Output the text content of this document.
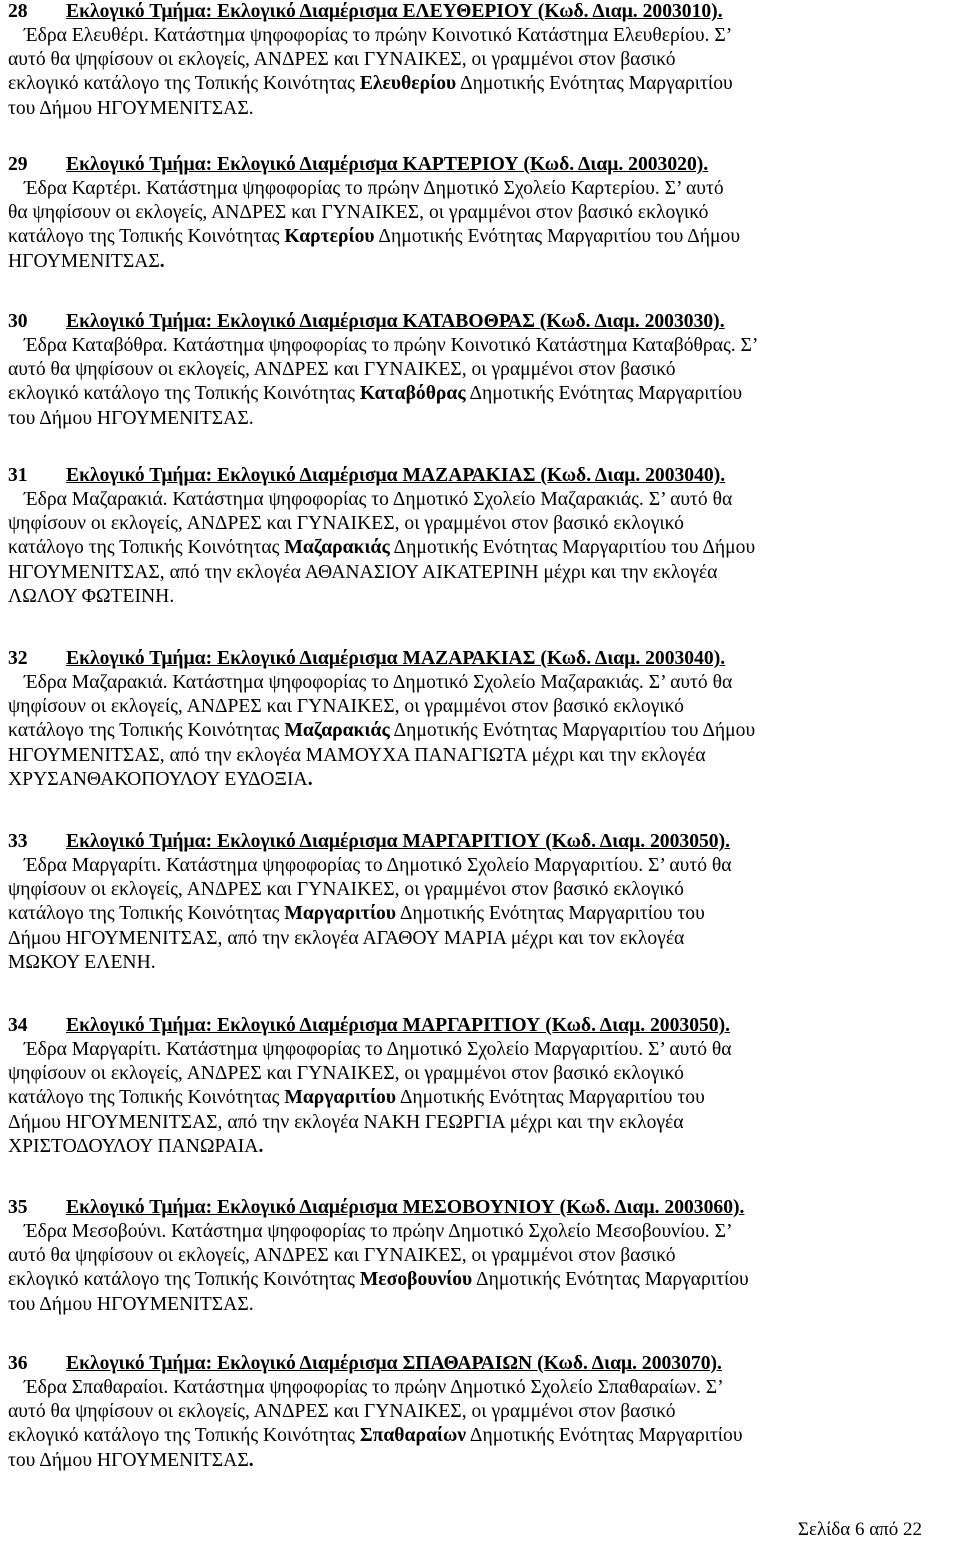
28 Εκλογικό Τμήμα: Εκλογικό Διαμέρισμα ΕΛΕΥΘΕΡΙΟΥ (Κωδ. Διαμ. 2003010).
Έδρα Ελευθέρι. Κατάστημα ψηφοφορίας το πρώην Κοινοτικό Κατάστημα Ελευθερίου. Σ’
αυτό θα ψηφίσουν οι εκλογείς, ΑΝΔΡΕΣ και ΓΥΝΑΙΚΕΣ, οι γραμμένοι στον βασικό
εκλογικό κατάλογο της Τοπικής Κοινότητας Ελευθερίου Δημοτικής Ενότητας Μαργαριτίου
του Δήμου ΗΓΟΥΜΕΝΙΤΣΑΣ.
29 Εκλογικό Τμήμα: Εκλογικό Διαμέρισμα ΚΑΡΤΕΡΙΟΥ (Κωδ. Διαμ. 2003020).
Έδρα Καρτέρι. Κατάστημα ψηφοφορίας το πρώην Δημοτικό Σχολείο Καρτερίου. Σ’ αυτό
θα ψηφίσουν οι εκλογείς, ΑΝΔΡΕΣ και ΓΥΝΑΙΚΕΣ, οι γραμμένοι στον βασικό εκλογικό
κατάλογο της Τοπικής Κοινότητας Καρτερίου Δημοτικής Ενότητας Μαργαριτίου του Δήμου
ΗΓΟΥΜΕΝΙΤΣΑΣ.
30 Εκλογικό Τμήμα: Εκλογικό Διαμέρισμα ΚΑΤΑΒΟΘΡΑΣ (Κωδ. Διαμ. 2003030).
Έδρα Καταβόθρα. Κατάστημα ψηφοφορίας το πρώην Κοινοτικό Κατάστημα Καταβόθρας. Σ’
αυτό θα ψηφίσουν οι εκλογείς, ΑΝΔΡΕΣ και ΓΥΝΑΙΚΕΣ, οι γραμμένοι στον βασικό
εκλογικό κατάλογο της Τοπικής Κοινότητας Καταβόθρας Δημοτικής Ενότητας Μαργαριτίου
του Δήμου ΗΓΟΥΜΕΝΙΤΣΑΣ.
31 Εκλογικό Τμήμα: Εκλογικό Διαμέρισμα ΜΑΖΑΡΑΚΙΑΣ (Κωδ. Διαμ. 2003040).
Έδρα Μαζαρακιά. Κατάστημα ψηφοφορίας το Δημοτικό Σχολείο Μαζαρακιάς. Σ’ αυτό θα
ψηφίσουν οι εκλογείς, ΑΝΔΡΕΣ και ΓΥΝΑΙΚΕΣ, οι γραμμένοι στον βασικό εκλογικό
κατάλογο της Τοπικής Κοινότητας Μαζαρακιάς Δημοτικής Ενότητας Μαργαριτίου του Δήμου
ΗΓΟΥΜΕΝΙΤΣΑΣ, από την εκλογέα ΑΘΑΝΑΣΙΟΥ ΑΙΚΑΤΕΡΙΝΗ μέχρι και την εκλογέα
ΛΩΛΟΥ ΦΩΤΕΙΝΗ.
32 Εκλογικό Τμήμα: Εκλογικό Διαμέρισμα ΜΑΖΑΡΑΚΙΑΣ (Κωδ. Διαμ. 2003040).
Έδρα Μαζαρακιά. Κατάστημα ψηφοφορίας το Δημοτικό Σχολείο Μαζαρακιάς. Σ’ αυτό θα
ψηφίσουν οι εκλογείς, ΑΝΔΡΕΣ και ΓΥΝΑΙΚΕΣ, οι γραμμένοι στον βασικό εκλογικό
κατάλογο της Τοπικής Κοινότητας Μαζαρακιάς Δημοτικής Ενότητας Μαργαριτίου του Δήμου
ΗΓΟΥΜΕΝΙΤΣΑΣ, από την εκλογέα ΜΑΜΟΥΧΑ ΠΑΝΑΓΙΩΤΑ μέχρι και την εκλογέα
ΧΡΥΣΑΝΘΑΚΟΠΟΥΛΟΥ ΕΥΔΟΞΙΑ.
33 Εκλογικό Τμήμα: Εκλογικό Διαμέρισμα ΜΑΡΓΑΡΙΤΙΟΥ (Κωδ. Διαμ. 2003050).
Έδρα Μαργαρίτι. Κατάστημα ψηφοφορίας το Δημοτικό Σχολείο Μαργαριτίου. Σ’ αυτό θα
ψηφίσουν οι εκλογείς, ΑΝΔΡΕΣ και ΓΥΝΑΙΚΕΣ, οι γραμμένοι στον βασικό εκλογικό
κατάλογο της Τοπικής Κοινότητας Μαργαριτίου Δημοτικής Ενότητας Μαργαριτίου του
Δήμου ΗΓΟΥΜΕΝΙΤΣΑΣ, από την εκλογέα ΑΓΑΘΟΥ ΜΑΡΙΑ μέχρι και τον εκλογέα
ΜΩΚΟΥ ΕΛΕΝΗ.
34 Εκλογικό Τμήμα: Εκλογικό Διαμέρισμα ΜΑΡΓΑΡΙΤΙΟΥ (Κωδ. Διαμ. 2003050).
Έδρα Μαργαρίτι. Κατάστημα ψηφοφορίας το Δημοτικό Σχολείο Μαργαριτίου. Σ’ αυτό θα
ψηφίσουν οι εκλογείς, ΑΝΔΡΕΣ και ΓΥΝΑΙΚΕΣ, οι γραμμένοι στον βασικό εκλογικό
κατάλογο της Τοπικής Κοινότητας Μαργαριτίου Δημοτικής Ενότητας Μαργαριτίου του
Δήμου ΗΓΟΥΜΕΝΙΤΣΑΣ, από την εκλογέα ΝΑΚΗ ΓΕΩΡΓΙΑ μέχρι και την εκλογέα
ΧΡΙΣΤΟΔΟΥΛΟΥ ΠΑΝΩΡΑΙΑ.
35 Εκλογικό Τμήμα: Εκλογικό Διαμέρισμα ΜΕΣΟΒΟΥΝΙΟΥ (Κωδ. Διαμ. 2003060).
Έδρα Μεσοβούνι. Κατάστημα ψηφοφορίας το πρώην Δημοτικό Σχολείο Μεσοβουνίου. Σ’
αυτό θα ψηφίσουν οι εκλογείς, ΑΝΔΡΕΣ και ΓΥΝΑΙΚΕΣ, οι γραμμένοι στον βασικό
εκλογικό κατάλογο της Τοπικής Κοινότητας Μεσοβουνίου Δημοτικής Ενότητας Μαργαριτίου
του Δήμου ΗΓΟΥΜΕΝΙΤΣΑΣ.
36 Εκλογικό Τμήμα: Εκλογικό Διαμέρισμα ΣΠΑΘΑΡΑΙΩΝ (Κωδ. Διαμ. 2003070).
Έδρα Σπαθαραίοι. Κατάστημα ψηφοφορίας το πρώην Δημοτικό Σχολείο Σπαθαραίων. Σ’
αυτό θα ψηφίσουν οι εκλογείς, ΑΝΔΡΕΣ και ΓΥΝΑΙΚΕΣ, οι γραμμένοι στον βασικό
εκλογικό κατάλογο της Τοπικής Κοινότητας Σπαθαραίων Δημοτικής Ενότητας Μαργαριτίου
του Δήμου ΗΓΟΥΜΕΝΙΤΣΑΣ.
Σελίδα 6 από 22
